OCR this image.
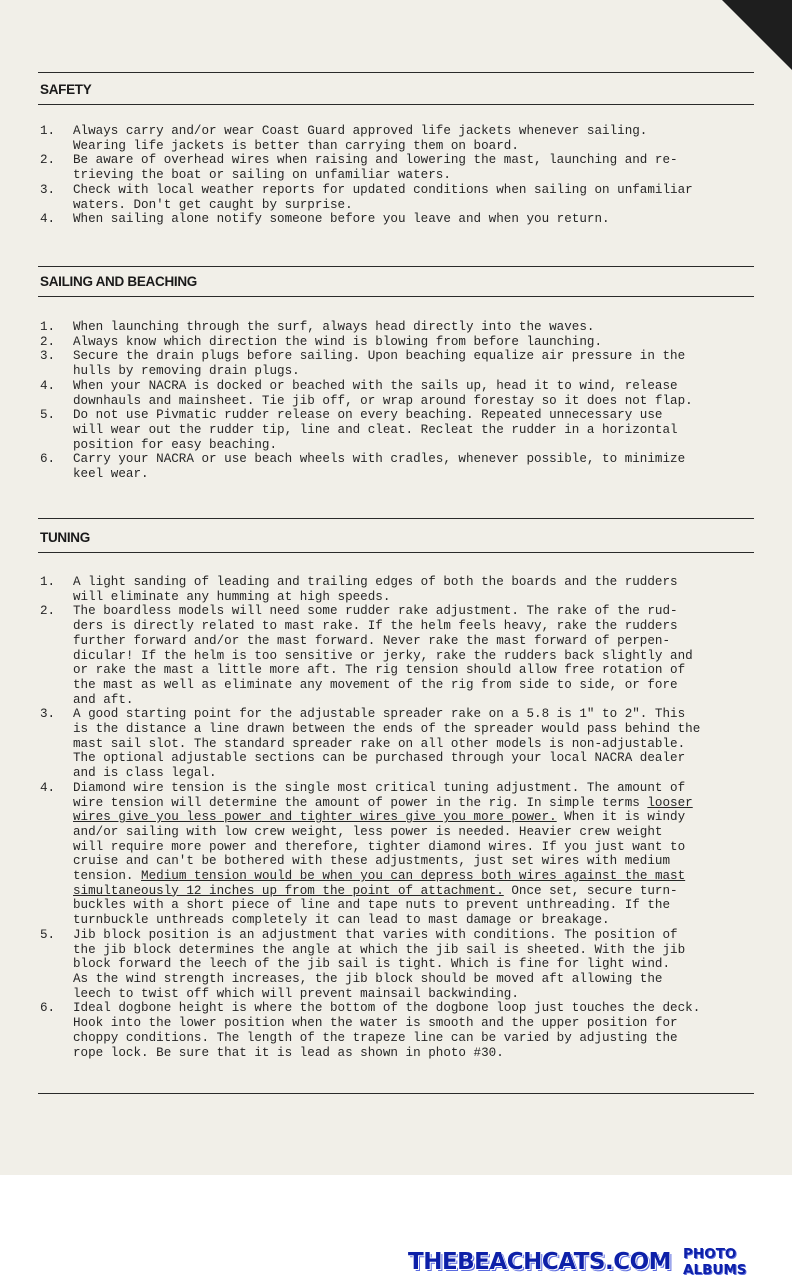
SAFETY
1. Always carry and/or wear Coast Guard approved life jackets whenever sailing.
Wearing life jackets is better than carrying them on board.
2. Be aware of overhead wires when raising and lowering the mast, launching and re-
trieving the boat or sailing on unfamiliar waters.
3. Check with local weather reports for updated conditions when sailing on unfamiliar
waters. Don't get caught by surprise.
4. When sailing alone notify someone before you leave and when you return.
SAILING AND BEACHING
1. When launching through the surf, always head directly into the waves.
2. Always know which direction the wind is blowing from before launching.
3. Secure the drain plugs before sailing. Upon beaching equalize air pressure in the
hulls by removing drain plugs.
4. When your NACRA is docked or beached with the sails up, head it to wind, release
downhauls and mainsheet. Tie jib off, or wrap around forestay so it does not flap.
5. Do not use Pivmatic rudder release on every beaching. Repeated unnecessary use
will wear out the rudder tip, line and cleat. Recleat the rudder in a horizontal
position for easy beaching.
6. Carry your NACRA or use beach wheels with cradles, whenever possible, to minimize
keel wear.
TUNING
1. A light sanding of leading and trailing edges of both the boards and the rudders
will eliminate any humming at high speeds.
2. The boardless models will need some rudder rake adjustment. The rake of the rud-
ders is directly related to mast rake. If the helm feels heavy, rake the rudders
further forward and/or the mast forward. Never rake the mast forward of perpen-
dicular! If the helm is too sensitive or jerky, rake the rudders back slightly and
or rake the mast a little more aft. The rig tension should allow free rotation of
the mast as well as eliminate any movement of the rig from side to side, or fore
and aft.
3. A good starting point for the adjustable spreader rake on a 5.8 is 1" to 2". This
is the distance a line drawn between the ends of the spreader would pass behind the
mast sail slot. The standard spreader rake on all other models is non-adjustable.
The optional adjustable sections can be purchased through your local NACRA dealer
and is class legal.
4. Diamond wire tension is the single most critical tuning adjustment. The amount of
wire tension will determine the amount of power in the rig. In simple terms looser
wires give you less power and tighter wires give you more power. When it is windy
and/or sailing with low crew weight, less power is needed. Heavier crew weight
will require more power and therefore, tighter diamond wires. If you just want to
cruise and can't be bothered with these adjustments, just set wires with medium
tension. Medium tension would be when you can depress both wires against the mast
simultaneously 12 inches up from the point of attachment. Once set, secure turn-
buckles with a short piece of line and tape nuts to prevent unthreading. If the
turnbuckle unthreads completely it can lead to mast damage or breakage.
5. Jib block position is an adjustment that varies with conditions. The position of
the jib block determines the angle at which the jib sail is sheeted. With the jib
block forward the leech of the jib sail is tight. Which is fine for light wind.
As the wind strength increases, the jib block should be moved aft allowing the
leech to twist off which will prevent mainsail backwinding.
6. Ideal dogbone height is where the bottom of the dogbone loop just touches the deck.
Hook into the lower position when the water is smooth and the upper position for
choppy conditions. The length of the trapeze line can be varied by adjusting the
rope lock. Be sure that it is lead as shown in photo #30.
THEBEACHCATS.COM PHOTO ALBUMS
